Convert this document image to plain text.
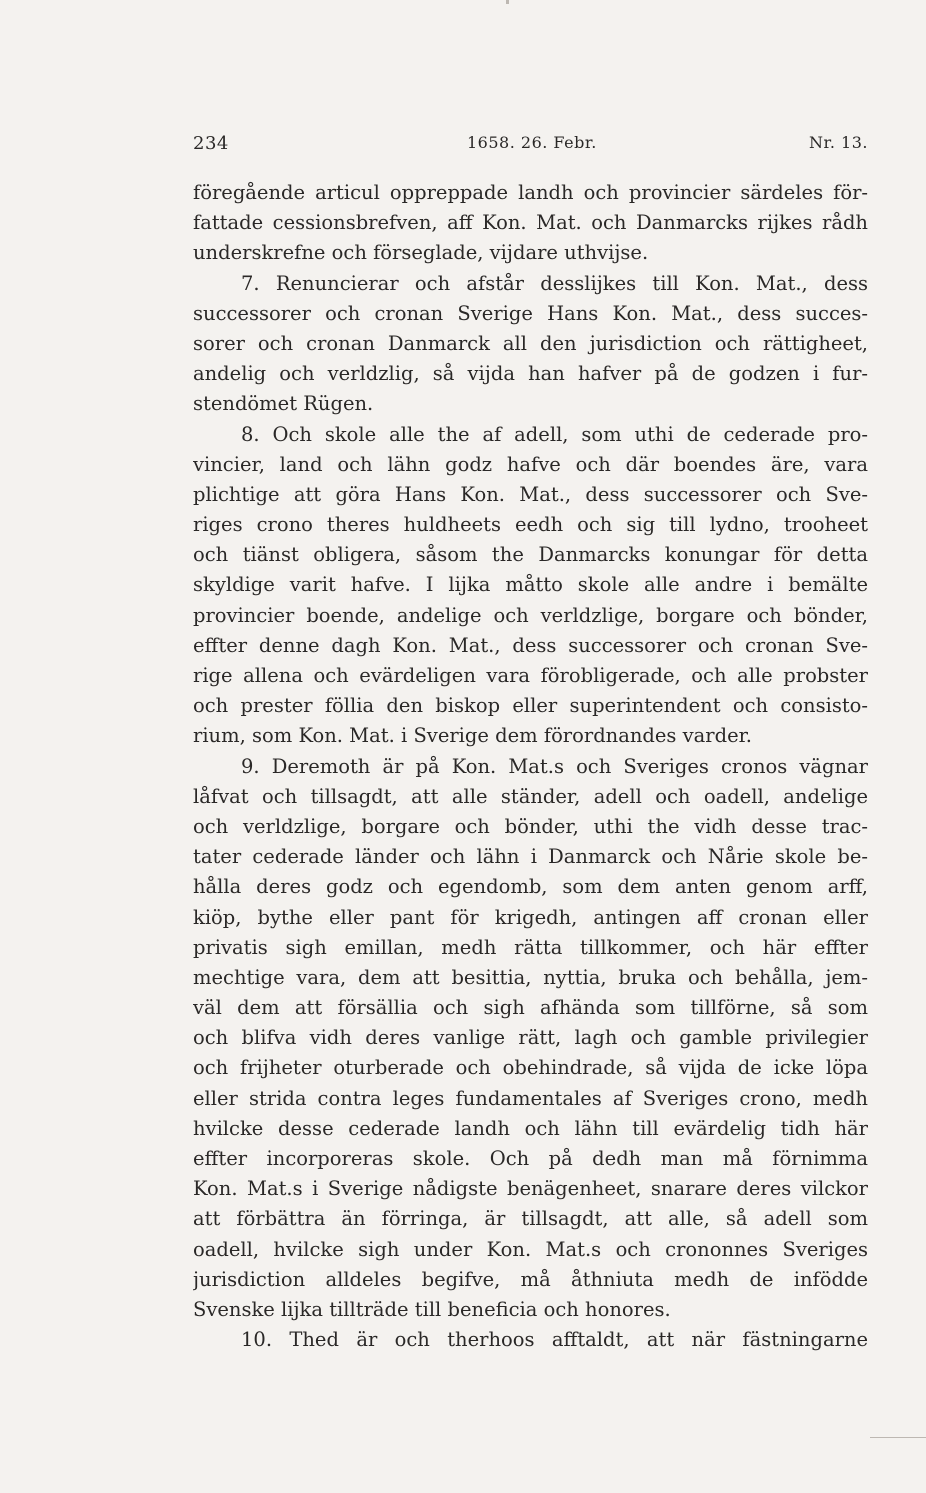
234	1658. 26. Febr.	Nr. 13.
föregående articul oppreppade landh och provincier särdeles för-
fattade cessionsbrefven, aff Kon. Mat. och Danmarcks rijkes rådh
underskrefne och förseglade, vijdare uthvijse.
7. Renuncierar och afstår desslijkes till Kon. Mat., dess
successorer och cronan Sverige Hans Kon. Mat., dess succes-
sorer och cronan Danmarck all den jurisdiction och rättigheet,
andelig och verldzlig, så vijda han hafver på de godzen i fur-
stendömet Rügen.
8. Och skole alle the af adell, som uthi de cederade pro-
vincier, land och lähn godz hafve och där boendes äre, vara
plichtige att göra Hans Kon. Mat., dess successorer och Sve-
riges crono theres huldheets eedh och sig till lydno, trooheet
och tiänst obligera, såsom the Danmarcks konungar för detta
skyldige varit hafve. I lijka måtto skole alle andre i bemälte
provincier boende, andelige och verldzlige, borgare och bönder,
effter denne dagh Kon. Mat., dess successorer och cronan Sve-
rige allena och evärdeligen vara förobligerade, och alle probster
och prester föllia den biskop eller superintendent och consisto-
rium, som Kon. Mat. i Sverige dem förordnandes varder.
9. Deremoth är på Kon. Mat.s och Sveriges cronos vägnar
låfvat och tillsagdt, att alle ständer, adell och oadell, andelige
och verldzlige, borgare och bönder, uthi the vidh desse trac-
tater cederade länder och lähn i Danmarck och Nårie skole be-
hålla deres godz och egendomb, som dem anten genom arff,
kiöp, bythe eller pant för krigedh, antingen aff cronan eller
privatis sigh emillan, medh rätta tillkommer, och här effter
mechtige vara, dem att besittia, nyttia, bruka och behålla, jem-
väl dem att försällia och sigh afhända som tillförne, så som
och blifva vidh deres vanlige rätt, lagh och gamble privilegier
och frijheter oturberade och obehindrade, så vijda de icke löpa
eller strida contra leges fundamentales af Sveriges crono, medh
hvilcke desse cederade landh och lähn till evärdelig tidh här
effter incorporeras skole. Och på dedh man må förnimma
Kon. Mat.s i Sverige nådigste benägenheet, snarare deres vilckor
att förbättra än förringa, är tillsagdt, att alle, så adell som
oadell, hvilcke sigh under Kon. Mat.s och crononnes Sveriges
jurisdiction alldeles begifve, må åthniuta medh de infödde
Svenske lijka tillträde till beneficia och honores.
10. Thed är och therhoos afftaldt, att när fästningarne
